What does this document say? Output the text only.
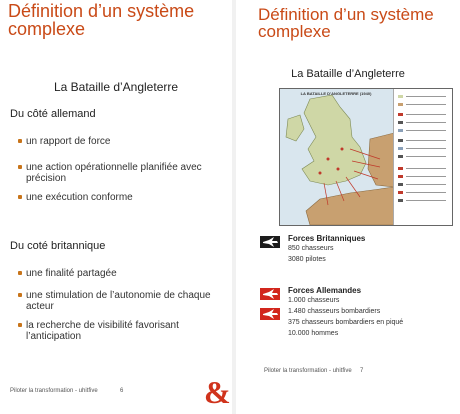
Définition d’un système
complexe
La Bataille d’Angleterre
Du côté allemand
un rapport de force
une action opérationnelle planifiée avec précision
une exécution conforme
Du coté britannique
une finalité partagée
une stimulation de l’autonomie de chaque acteur
la recherche de visibilité favorisant l’anticipation
Piloter la transformation - uhitfive	6	&
Définition d’un système
complexe
La Bataille d’Angleterre
LA BATAILLE D’ANGLETERRE (1940)
Forces Britanniques
850 chasseurs
3080 pilotes
Forces Allemandes
1.000 chasseurs
1.480 chasseurs bombardiers
375 chasseurs bombardiers en piqué
10.000 hommes
Piloter la transformation - uhitfive 7
